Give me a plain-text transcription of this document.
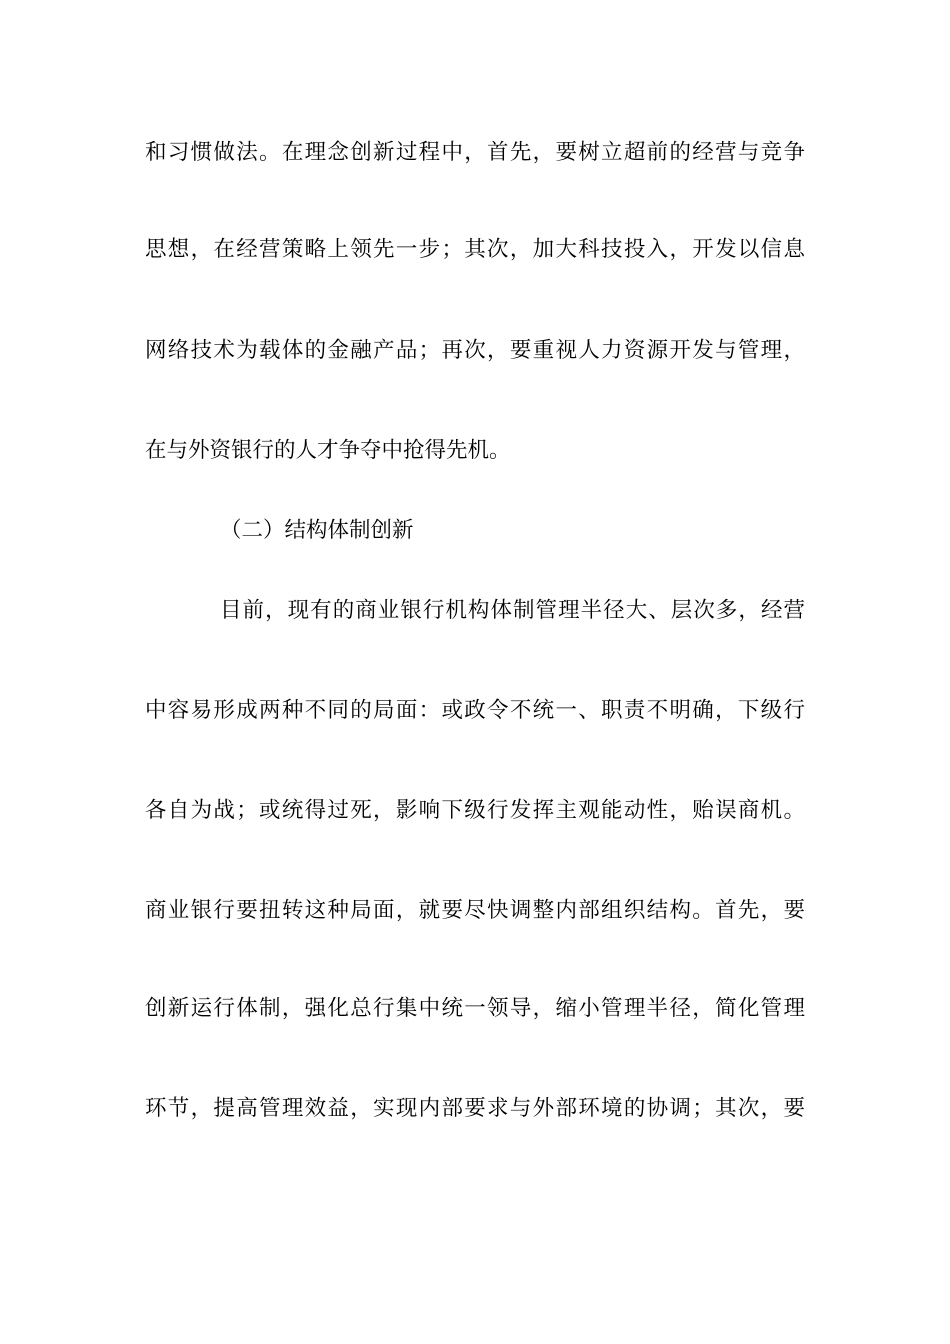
和习惯做法。在理念创新过程中，首先，要树立超前的经营与竞争
思想，在经营策略上领先一步；其次，加大科技投入，开发以信息
网络技术为载体的金融产品；再次，要重视人力资源开发与管理，
在与外资银行的人才争夺中抢得先机。
（二）结构体制创新
目前，现有的商业银行机构体制管理半径大、层次多，经营
中容易形成两种不同的局面：或政令不统一、职责不明确，下级行
各自为战；或统得过死，影响下级行发挥主观能动性，贻误商机。
商业银行要扭转这种局面，就要尽快调整内部组织结构。首先，要
创新运行体制，强化总行集中统一领导，缩小管理半径，简化管理
环节，提高管理效益，实现内部要求与外部环境的协调；其次，要
